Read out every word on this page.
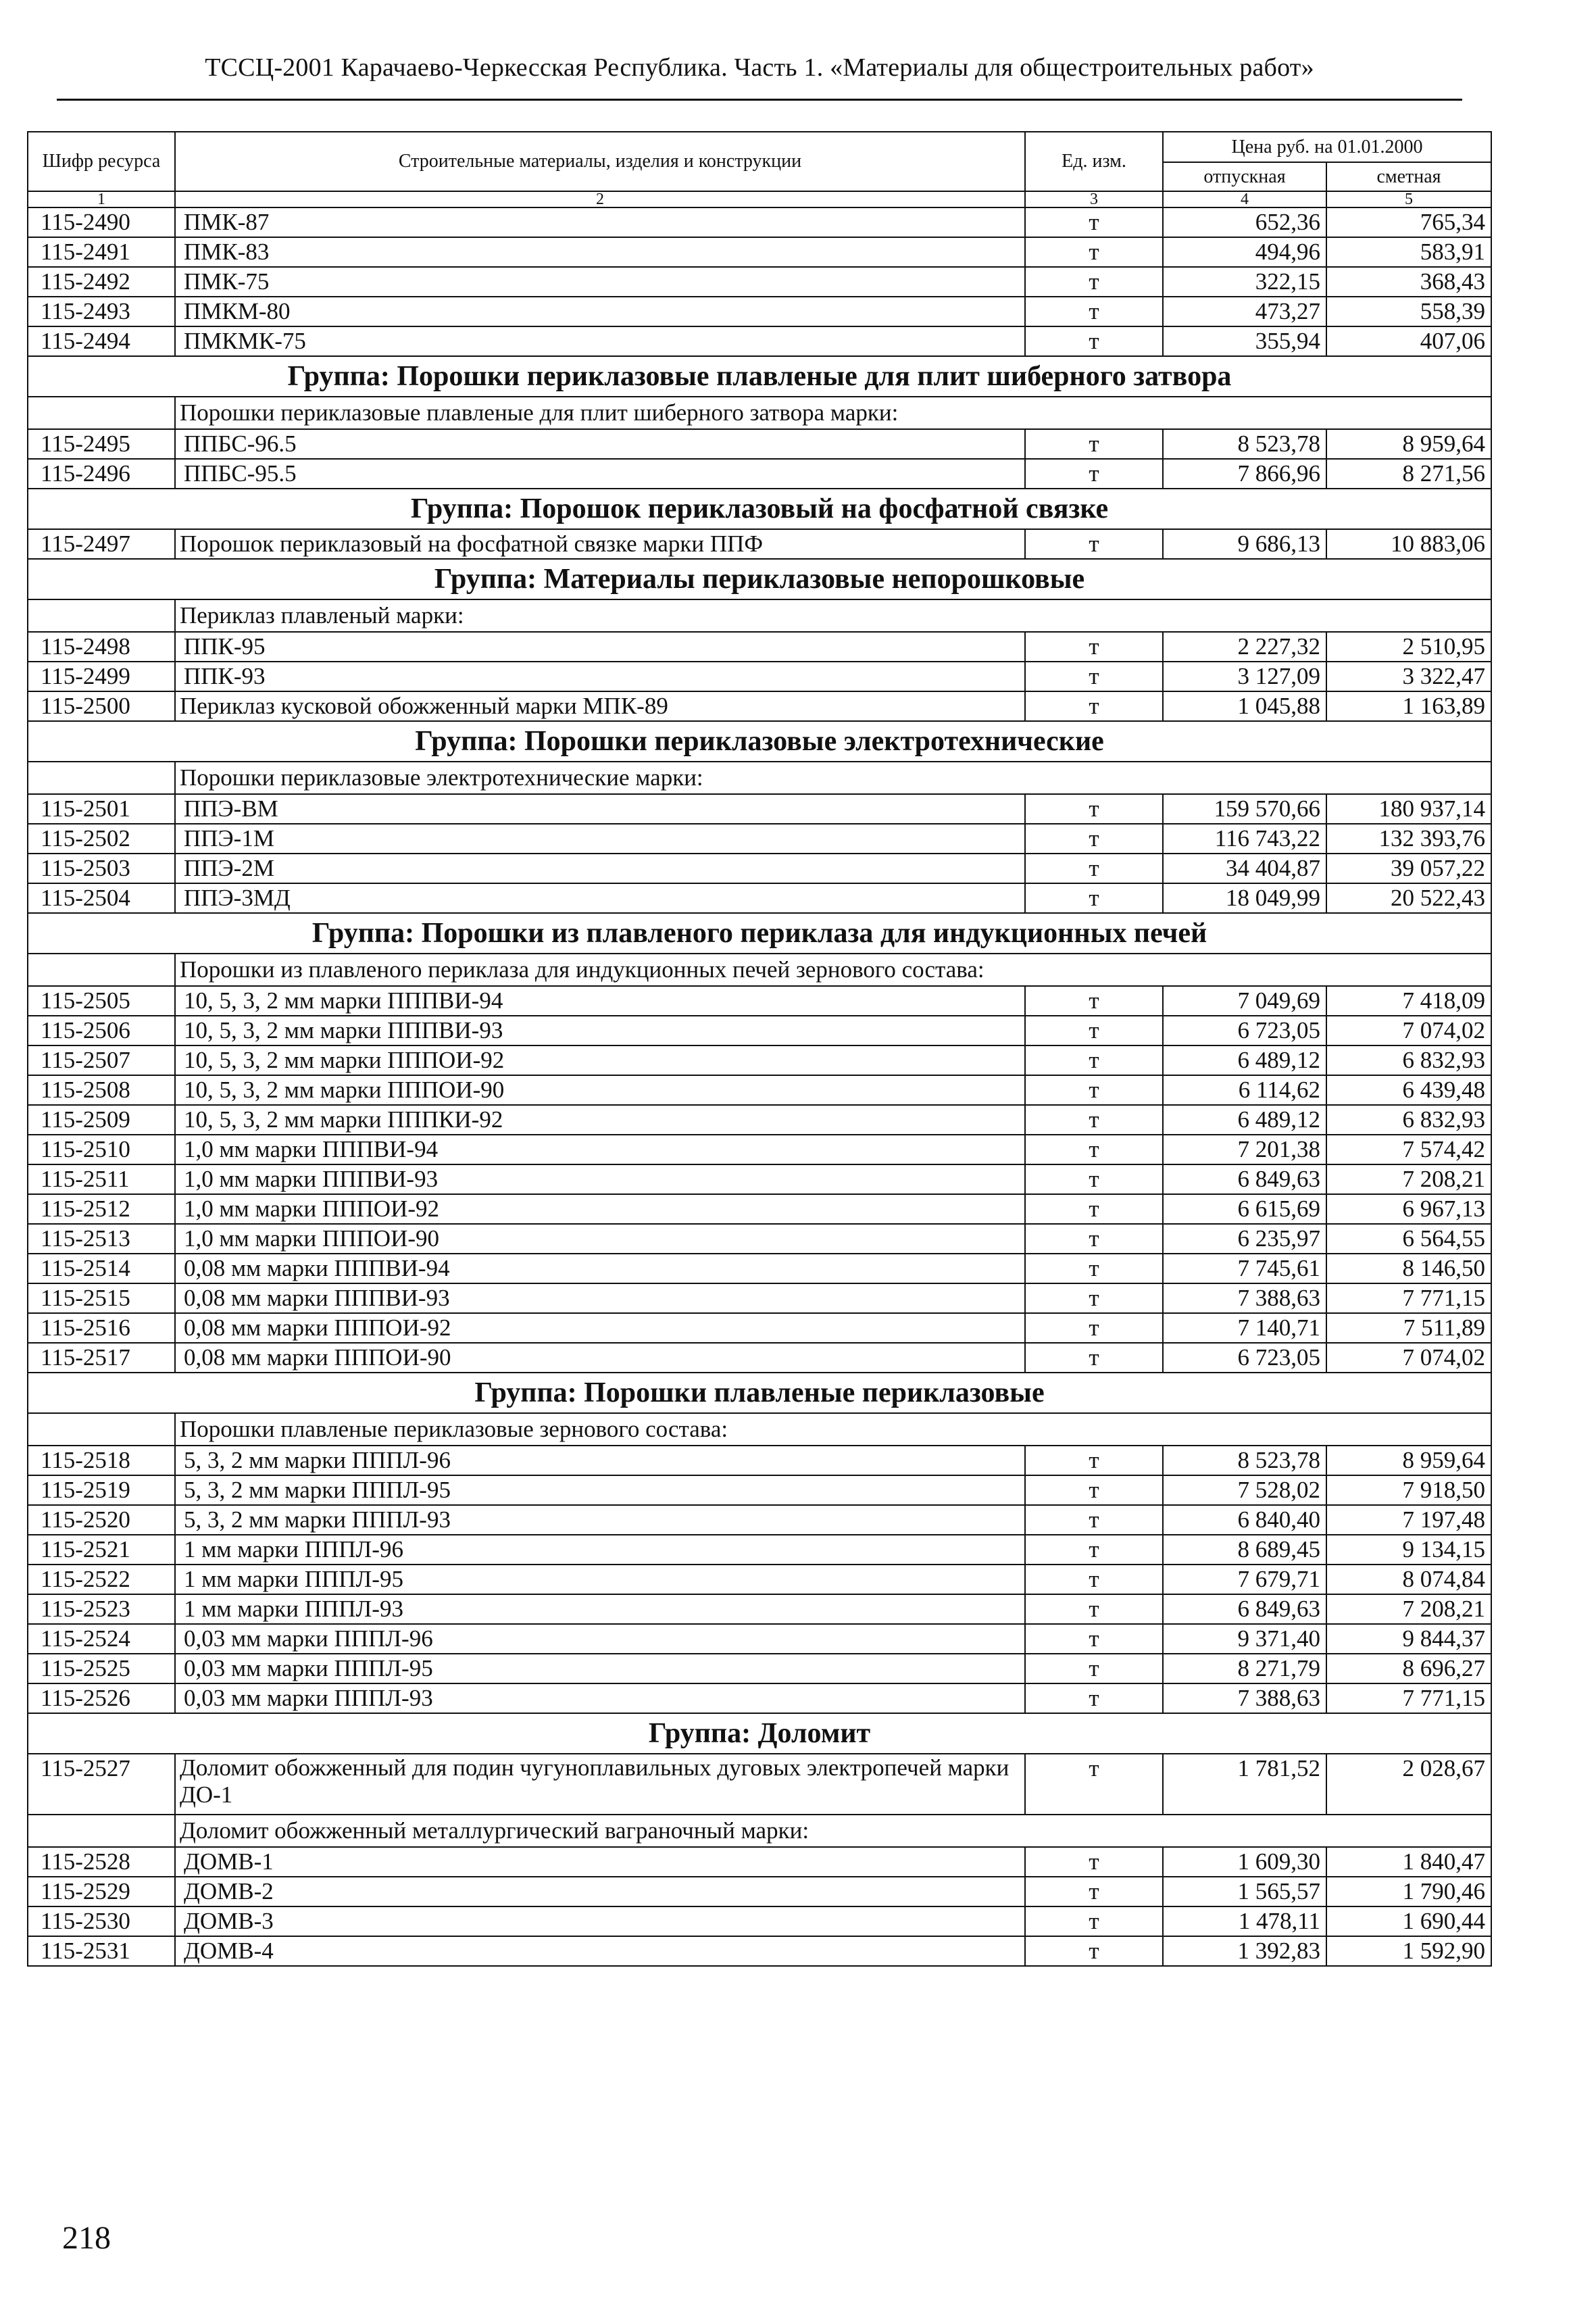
ТССЦ-2001 Карачаево-Черкесская Республика. Часть 1. «Материалы для общестроительных работ»
Шифр ресурса	Строительные материалы, изделия и конструкции	Ед. изм.	Цена руб. на 01.01.2000	
			отпускная	сметная
1	2	3	4	5
115-2490	ПМК-87	т	652,36	765,34
115-2491	ПМК-83	т	494,96	583,91
115-2492	ПМК-75	т	322,15	368,43
115-2493	ПМКМ-80	т	473,27	558,39
115-2494	ПМКМК-75	т	355,94	407,06
Группа: Порошки периклазовые плавленые для плит шиберного затвора				
	Порошки периклазовые плавленые для плит шиберного затвора марки:			
115-2495	ППБС-96.5	т	8 523,78	8 959,64
115-2496	ППБС-95.5	т	7 866,96	8 271,56
Группа: Порошок периклазовый на фосфатной связке				
115-2497	Порошок периклазовый на фосфатной связке марки ППФ	т	9 686,13	10 883,06
Группа: Материалы периклазовые непорошковые				
	Периклаз плавленый марки:			
115-2498	ППК-95	т	2 227,32	2 510,95
115-2499	ППК-93	т	3 127,09	3 322,47
115-2500	Периклаз кусковой обожженный марки МПК-89	т	1 045,88	1 163,89
Группа: Порошки периклазовые электротехнические				
	Порошки периклазовые электротехнические марки:			
115-2501	ППЭ-ВМ	т	159 570,66	180 937,14
115-2502	ППЭ-1М	т	116 743,22	132 393,76
115-2503	ППЭ-2М	т	34 404,87	39 057,22
115-2504	ППЭ-3МД	т	18 049,99	20 522,43
Группа: Порошки из плавленого периклаза для индукционных печей				
	Порошки из плавленого периклаза для индукционных печей зернового состава:			
115-2505	10, 5, 3, 2 мм марки ПППВИ-94	т	7 049,69	7 418,09
115-2506	10, 5, 3, 2 мм марки ПППВИ-93	т	6 723,05	7 074,02
115-2507	10, 5, 3, 2 мм марки ПППОИ-92	т	6 489,12	6 832,93
115-2508	10, 5, 3, 2 мм марки ПППОИ-90	т	6 114,62	6 439,48
115-2509	10, 5, 3, 2 мм марки ПППКИ-92	т	6 489,12	6 832,93
115-2510	1,0 мм марки ПППВИ-94	т	7 201,38	7 574,42
115-2511	1,0 мм марки ПППВИ-93	т	6 849,63	7 208,21
115-2512	1,0 мм марки ПППОИ-92	т	6 615,69	6 967,13
115-2513	1,0 мм марки ПППОИ-90	т	6 235,97	6 564,55
115-2514	0,08 мм марки ПППВИ-94	т	7 745,61	8 146,50
115-2515	0,08 мм марки ПППВИ-93	т	7 388,63	7 771,15
115-2516	0,08 мм марки ПППОИ-92	т	7 140,71	7 511,89
115-2517	0,08 мм марки ПППОИ-90	т	6 723,05	7 074,02
Группа: Порошки плавленые периклазовые				
	Порошки плавленые периклазовые зернового состава:			
115-2518	5, 3, 2 мм марки ПППЛ-96	т	8 523,78	8 959,64
115-2519	5, 3, 2 мм марки ПППЛ-95	т	7 528,02	7 918,50
115-2520	5, 3, 2 мм марки ПППЛ-93	т	6 840,40	7 197,48
115-2521	1 мм марки ПППЛ-96	т	8 689,45	9 134,15
115-2522	1 мм марки ПППЛ-95	т	7 679,71	8 074,84
115-2523	1 мм марки ПППЛ-93	т	6 849,63	7 208,21
115-2524	0,03 мм марки ПППЛ-96	т	9 371,40	9 844,37
115-2525	0,03 мм марки ПППЛ-95	т	8 271,79	8 696,27
115-2526	0,03 мм марки ПППЛ-93	т	7 388,63	7 771,15
Группа: Доломит				
115-2527	Доломит обожженный для подин чугуноплавильных дуговых электропечей марки ДО-1	т	1 781,52	2 028,67
	Доломит обожженный металлургический ваграночный марки:			
115-2528	ДОМВ-1	т	1 609,30	1 840,47
115-2529	ДОМВ-2	т	1 565,57	1 790,46
115-2530	ДОМВ-3	т	1 478,11	1 690,44
115-2531	ДОМВ-4	т	1 392,83	1 592,90
218
